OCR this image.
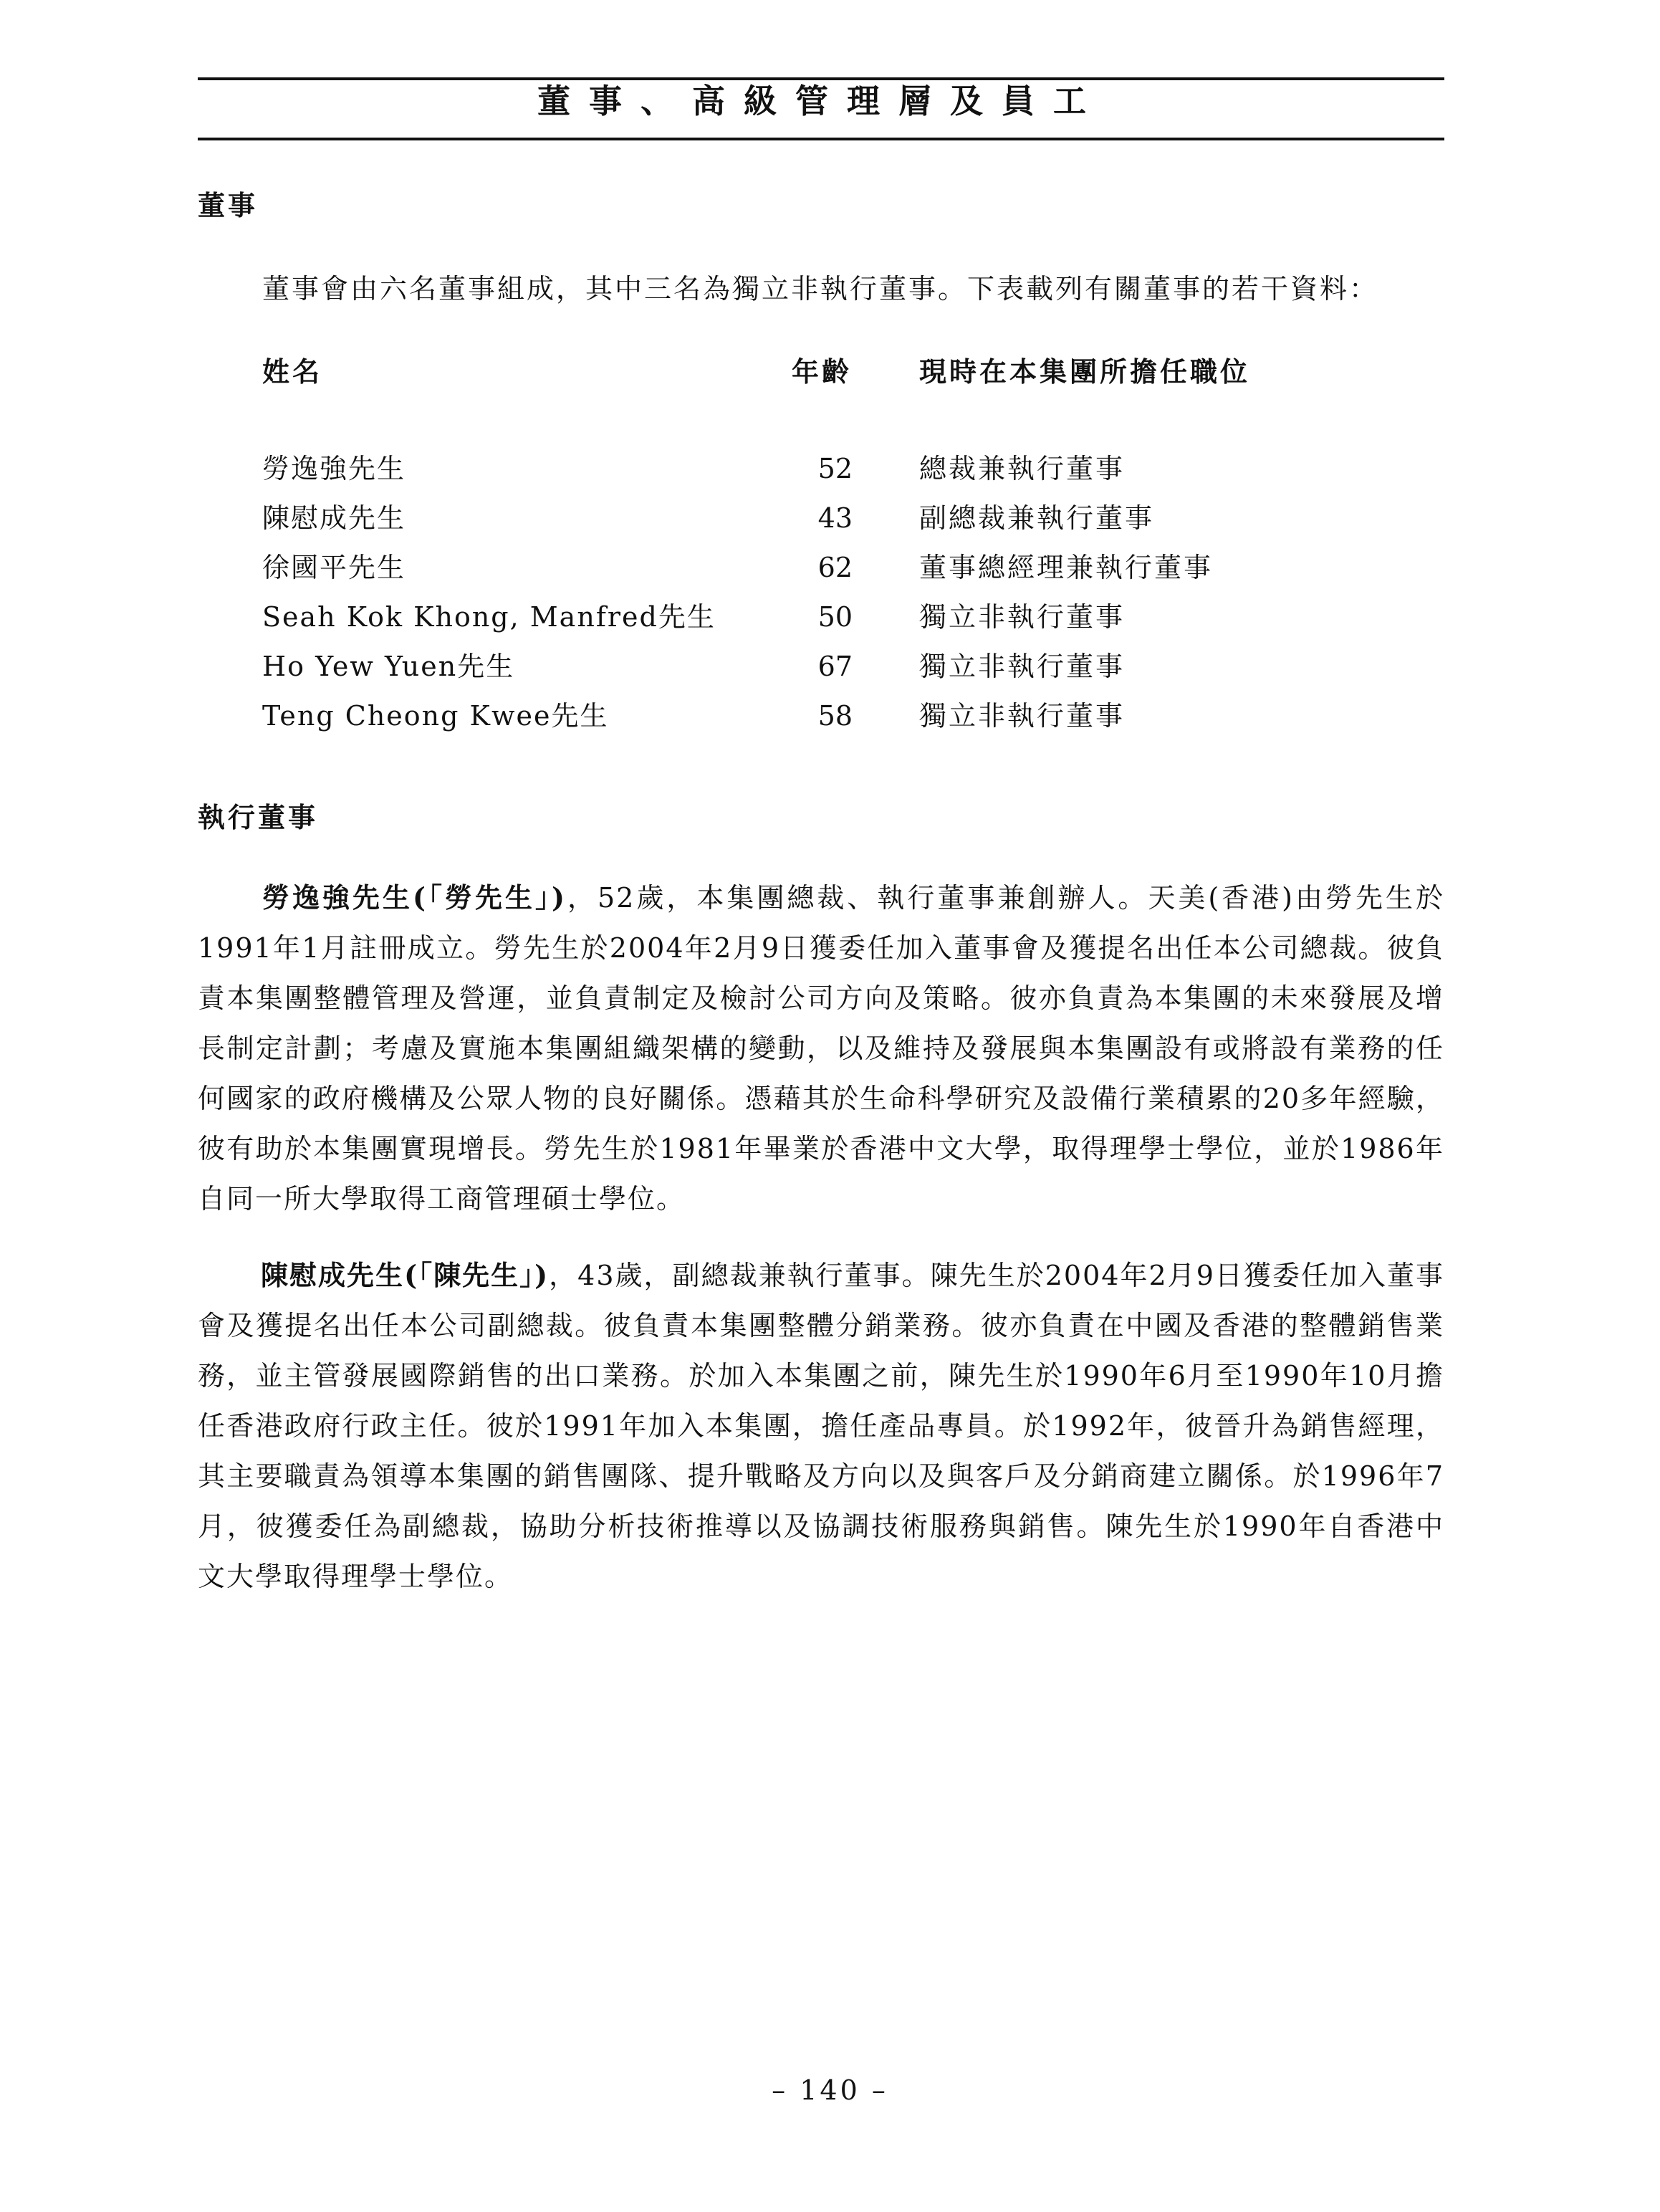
董事、高級管理層及員工
董事
董事會由六名董事組成，其中三名為獨立非執行董事。下表載列有關董事的若干資料：
姓名	年齡 現時在本集團所擔任職位
勞逸強先生	52 總裁兼執行董事
陳慰成先生	43 副總裁兼執行董事
徐國平先生	62 董事總經理兼執行董事
Seah Kok Khong, Manfred先生	50 獨立非執行董事
Ho Yew Yuen先生	67 獨立非執行董事
Teng Cheong Kwee先生	58 獨立非執行董事
執行董事

勞逸強先生(「勞先生」)，52歲，本集團總裁、執行董事兼創辦人。天美(香港)由勞先生於1991年1月註冊成立。勞先生於2004年2月9日獲委任加入董事會及獲提名出任本公司總裁。彼負責本集團整體管理及營運，並負責制定及檢討公司方向及策略。彼亦負責為本集團的未來發展及增長制定計劃；考慮及實施本集團組織架構的變動，以及維持及發展與本集團設有或將設有業務的任何國家的政府機構及公眾人物的良好關係。憑藉其於生命科學研究及設備行業積累的20多年經驗，彼有助於本集團實現增長。勞先生於1981年畢業於香港中文大學，取得理學士學位，並於1986年自同一所大學取得工商管理碩士學位。

陳慰成先生(「陳先生」)，43歲，副總裁兼執行董事。陳先生於2004年2月9日獲委任加入董事會及獲提名出任本公司副總裁。彼負責本集團整體分銷業務。彼亦負責在中國及香港的整體銷售業務，並主管發展國際銷售的出口業務。於加入本集團之前，陳先生於1990年6月至1990年10月擔任香港政府行政主任。彼於1991年加入本集團，擔任產品專員。於1992年，彼晉升為銷售經理，其主要職責為領導本集團的銷售團隊、提升戰略及方向以及與客戶及分銷商建立關係。於1996年7月，彼獲委任為副總裁，協助分析技術推導以及協調技術服務與銷售。陳先生於1990年自香港中文大學取得理學士學位。

– 140 –
